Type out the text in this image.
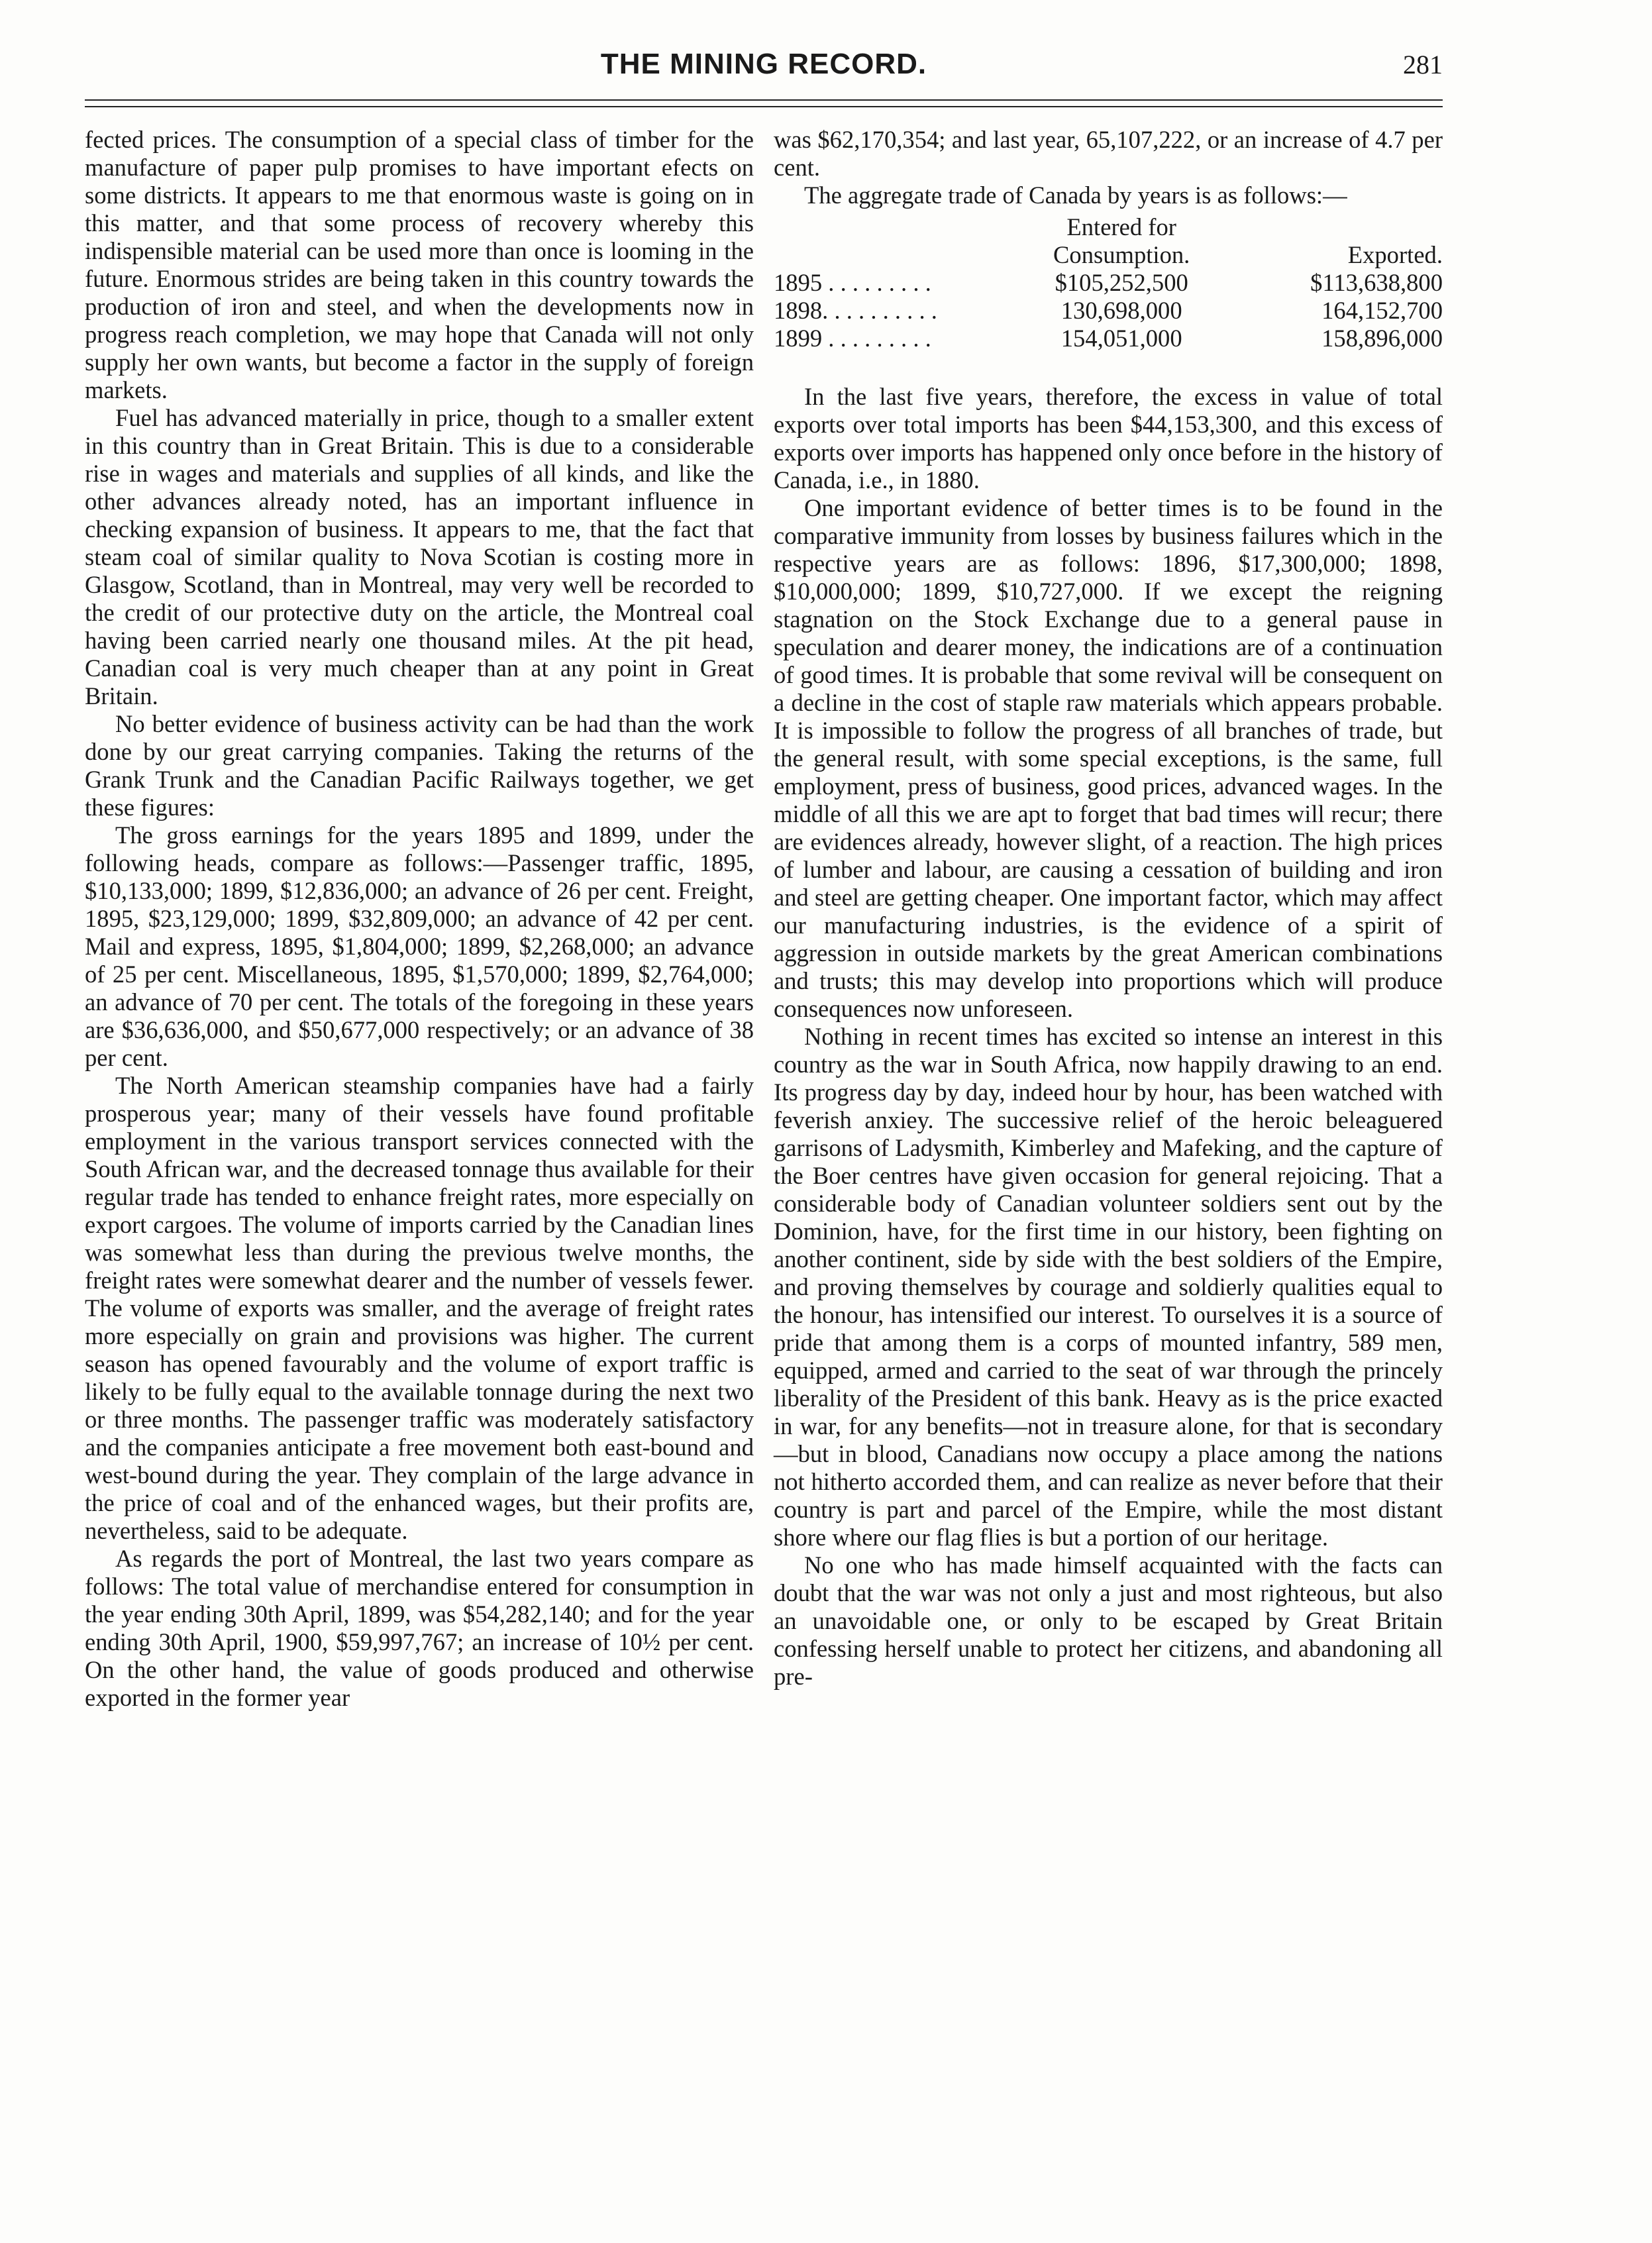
THE MINING RECORD.	281

fected prices. The consumption of a special class of timber for the manufacture of paper pulp promises to have important efects on some districts. It appears to me that enormous waste is going on in this matter, and that some process of recovery whereby this indispensible material can be used more than once is looming in the future. Enormous strides are being taken in this country towards the production of iron and steel, and when the developments now in progress reach completion, we may hope that Canada will not only supply her own wants, but become a factor in the supply of foreign markets.

Fuel has advanced materially in price, though to a smaller extent in this country than in Great Britain. This is due to a considerable rise in wages and materials and supplies of all kinds, and like the other advances already noted, has an important influence in checking expansion of business. It appears to me, that the fact that steam coal of similar quality to Nova Scotian is costing more in Glasgow, Scotland, than in Montreal, may very well be recorded to the credit of our protective duty on the article, the Montreal coal having been carried nearly one thousand miles. At the pit head, Canadian coal is very much cheaper than at any point in Great Britain.

No better evidence of business activity can be had than the work done by our great carrying companies. Taking the returns of the Grank Trunk and the Canadian Pacific Railways together, we get these figures:

The gross earnings for the years 1895 and 1899, under the following heads, compare as follows:—Passenger traffic, 1895, $10,133,000; 1899, $12,836,000; an advance of 26 per cent. Freight, 1895, $23,129,000; 1899, $32,809,000; an advance of 42 per cent. Mail and express, 1895, $1,804,000; 1899, $2,268,000; an advance of 25 per cent. Miscellaneous, 1895, $1,570,000; 1899, $2,764,000; an advance of 70 per cent. The totals of the foregoing in these years are $36,636,000, and $50,677,000 respectively; or an advance of 38 per cent.

The North American steamship companies have had a fairly prosperous year; many of their vessels have found profitable employment in the various transport services connected with the South African war, and the decreased tonnage thus available for their regular trade has tended to enhance freight rates, more especially on export cargoes. The volume of imports carried by the Canadian lines was somewhat less than during the previous twelve months, the freight rates were somewhat dearer and the number of vessels fewer. The volume of exports was smaller, and the average of freight rates more especially on grain and provisions was higher. The current season has opened favourably and the volume of export traffic is likely to be fully equal to the available tonnage during the next two or three months. The passenger traffic was moderately satisfactory and the companies anticipate a free movement both east-bound and west-bound during the year. They complain of the large advance in the price of coal and of the enhanced wages, but their profits are, nevertheless, said to be adequate.

As regards the port of Montreal, the last two years compare as follows: The total value of merchandise entered for consumption in the year ending 30th April, 1899, was $54,282,140; and for the year ending 30th April, 1900, $59,997,767; an increase of 10½ per cent. On the other hand, the value of goods produced and otherwise exported in the former year

was $62,170,354; and last year, 65,107,222, or an increase of 4.7 per cent.

The aggregate trade of Canada by years is as follows:—

	Entered for	
	Consumption.	Exported.
1895 . . . . . . . . .	$105,252,500	$113,638,800
1898. . . . . . . . . .	130,698,000	164,152,700
1899 . . . . . . . . .	154,051,000	158,896,000

In the last five years, therefore, the excess in value of total exports over total imports has been $44,153,300, and this excess of exports over imports has happened only once before in the history of Canada, i.e., in 1880.

One important evidence of better times is to be found in the comparative immunity from losses by business failures which in the respective years are as follows: 1896, $17,300,000; 1898, $10,000,000; 1899, $10,727,000. If we except the reigning stagnation on the Stock Exchange due to a general pause in speculation and dearer money, the indications are of a continuation of good times. It is probable that some revival will be consequent on a decline in the cost of staple raw materials which appears probable. It is impossible to follow the progress of all branches of trade, but the general result, with some special exceptions, is the same, full employment, press of business, good prices, advanced wages. In the middle of all this we are apt to forget that bad times will recur; there are evidences already, however slight, of a reaction. The high prices of lumber and labour, are causing a cessation of building and iron and steel are getting cheaper. One important factor, which may affect our manufacturing industries, is the evidence of a spirit of aggression in outside markets by the great American combinations and trusts; this may develop into proportions which will produce consequences now unforeseen.

Nothing in recent times has excited so intense an interest in this country as the war in South Africa, now happily drawing to an end. Its progress day by day, indeed hour by hour, has been watched with feverish anxiey. The successive relief of the heroic beleaguered garrisons of Ladysmith, Kimberley and Mafeking, and the capture of the Boer centres have given occasion for general rejoicing. That a considerable body of Canadian volunteer soldiers sent out by the Dominion, have, for the first time in our history, been fighting on another continent, side by side with the best soldiers of the Empire, and proving themselves by courage and soldierly qualities equal to the honour, has intensified our interest. To ourselves it is a source of pride that among them is a corps of mounted infantry, 589 men, equipped, armed and carried to the seat of war through the princely liberality of the President of this bank. Heavy as is the price exacted in war, for any benefits—not in treasure alone, for that is secondary—but in blood, Canadians now occupy a place among the nations not hitherto accorded them, and can realize as never before that their country is part and parcel of the Empire, while the most distant shore where our flag flies is but a portion of our heritage.

No one who has made himself acquainted with the facts can doubt that the war was not only a just and most righteous, but also an unavoidable one, or only to be escaped by Great Britain confessing herself unable to protect her citizens, and abandoning all pre-
